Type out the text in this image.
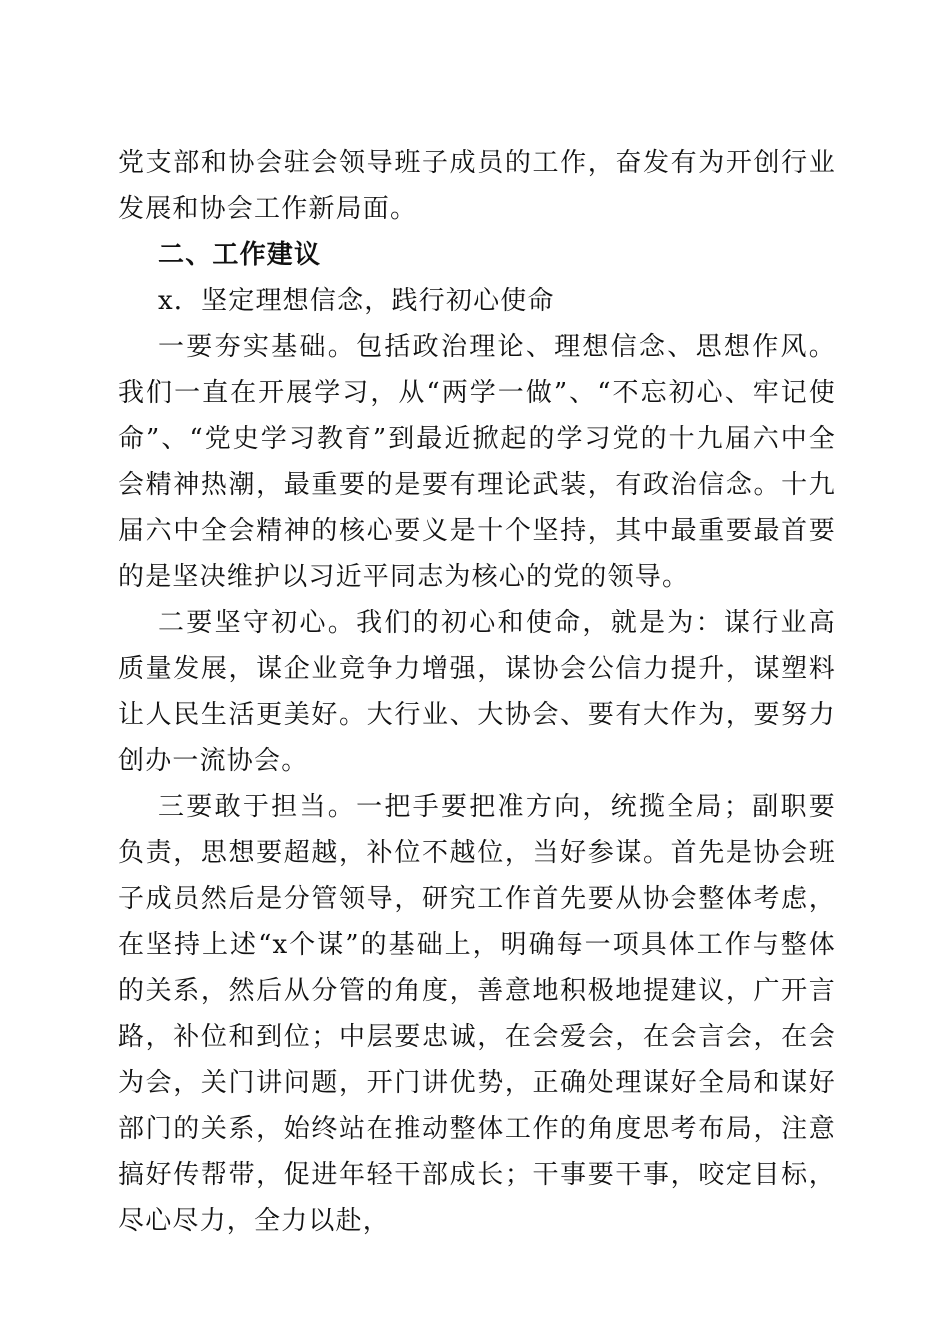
党支部和协会驻会领导班子成员的工作，奋发有为开创行业发展和协会工作新局面。

二、工作建议

x．坚定理想信念，践行初心使命

一要夯实基础。包括政治理论、理想信念、思想作风。我们一直在开展学习，从“两学一做”、“不忘初心、牢记使命”、“党史学习教育”到最近掀起的学习党的十九届六中全会精神热潮，最重要的是要有理论武装，有政治信念。十九届六中全会精神的核心要义是十个坚持，其中最重要最首要的是坚决维护以习近平同志为核心的党的领导。

二要坚守初心。我们的初心和使命，就是为：谋行业高质量发展，谋企业竞争力增强，谋协会公信力提升，谋塑料让人民生活更美好。大行业、大协会、要有大作为，要努力创办一流协会。

三要敢于担当。一把手要把准方向，统揽全局；副职要负责，思想要超越，补位不越位，当好参谋。首先是协会班子成员然后是分管领导，研究工作首先要从协会整体考虑，在坚持上述“x个谋”的基础上，明确每一项具体工作与整体的关系，然后从分管的角度，善意地积极地提建议，广开言路，补位和到位；中层要忠诚，在会爱会，在会言会，在会为会，关门讲问题，开门讲优势，正确处理谋好全局和谋好部门的关系，始终站在推动整体工作的角度思考布局，注意搞好传帮带，促进年轻干部成长；干事要干事，咬定目标，尽心尽力，全力以赴，
